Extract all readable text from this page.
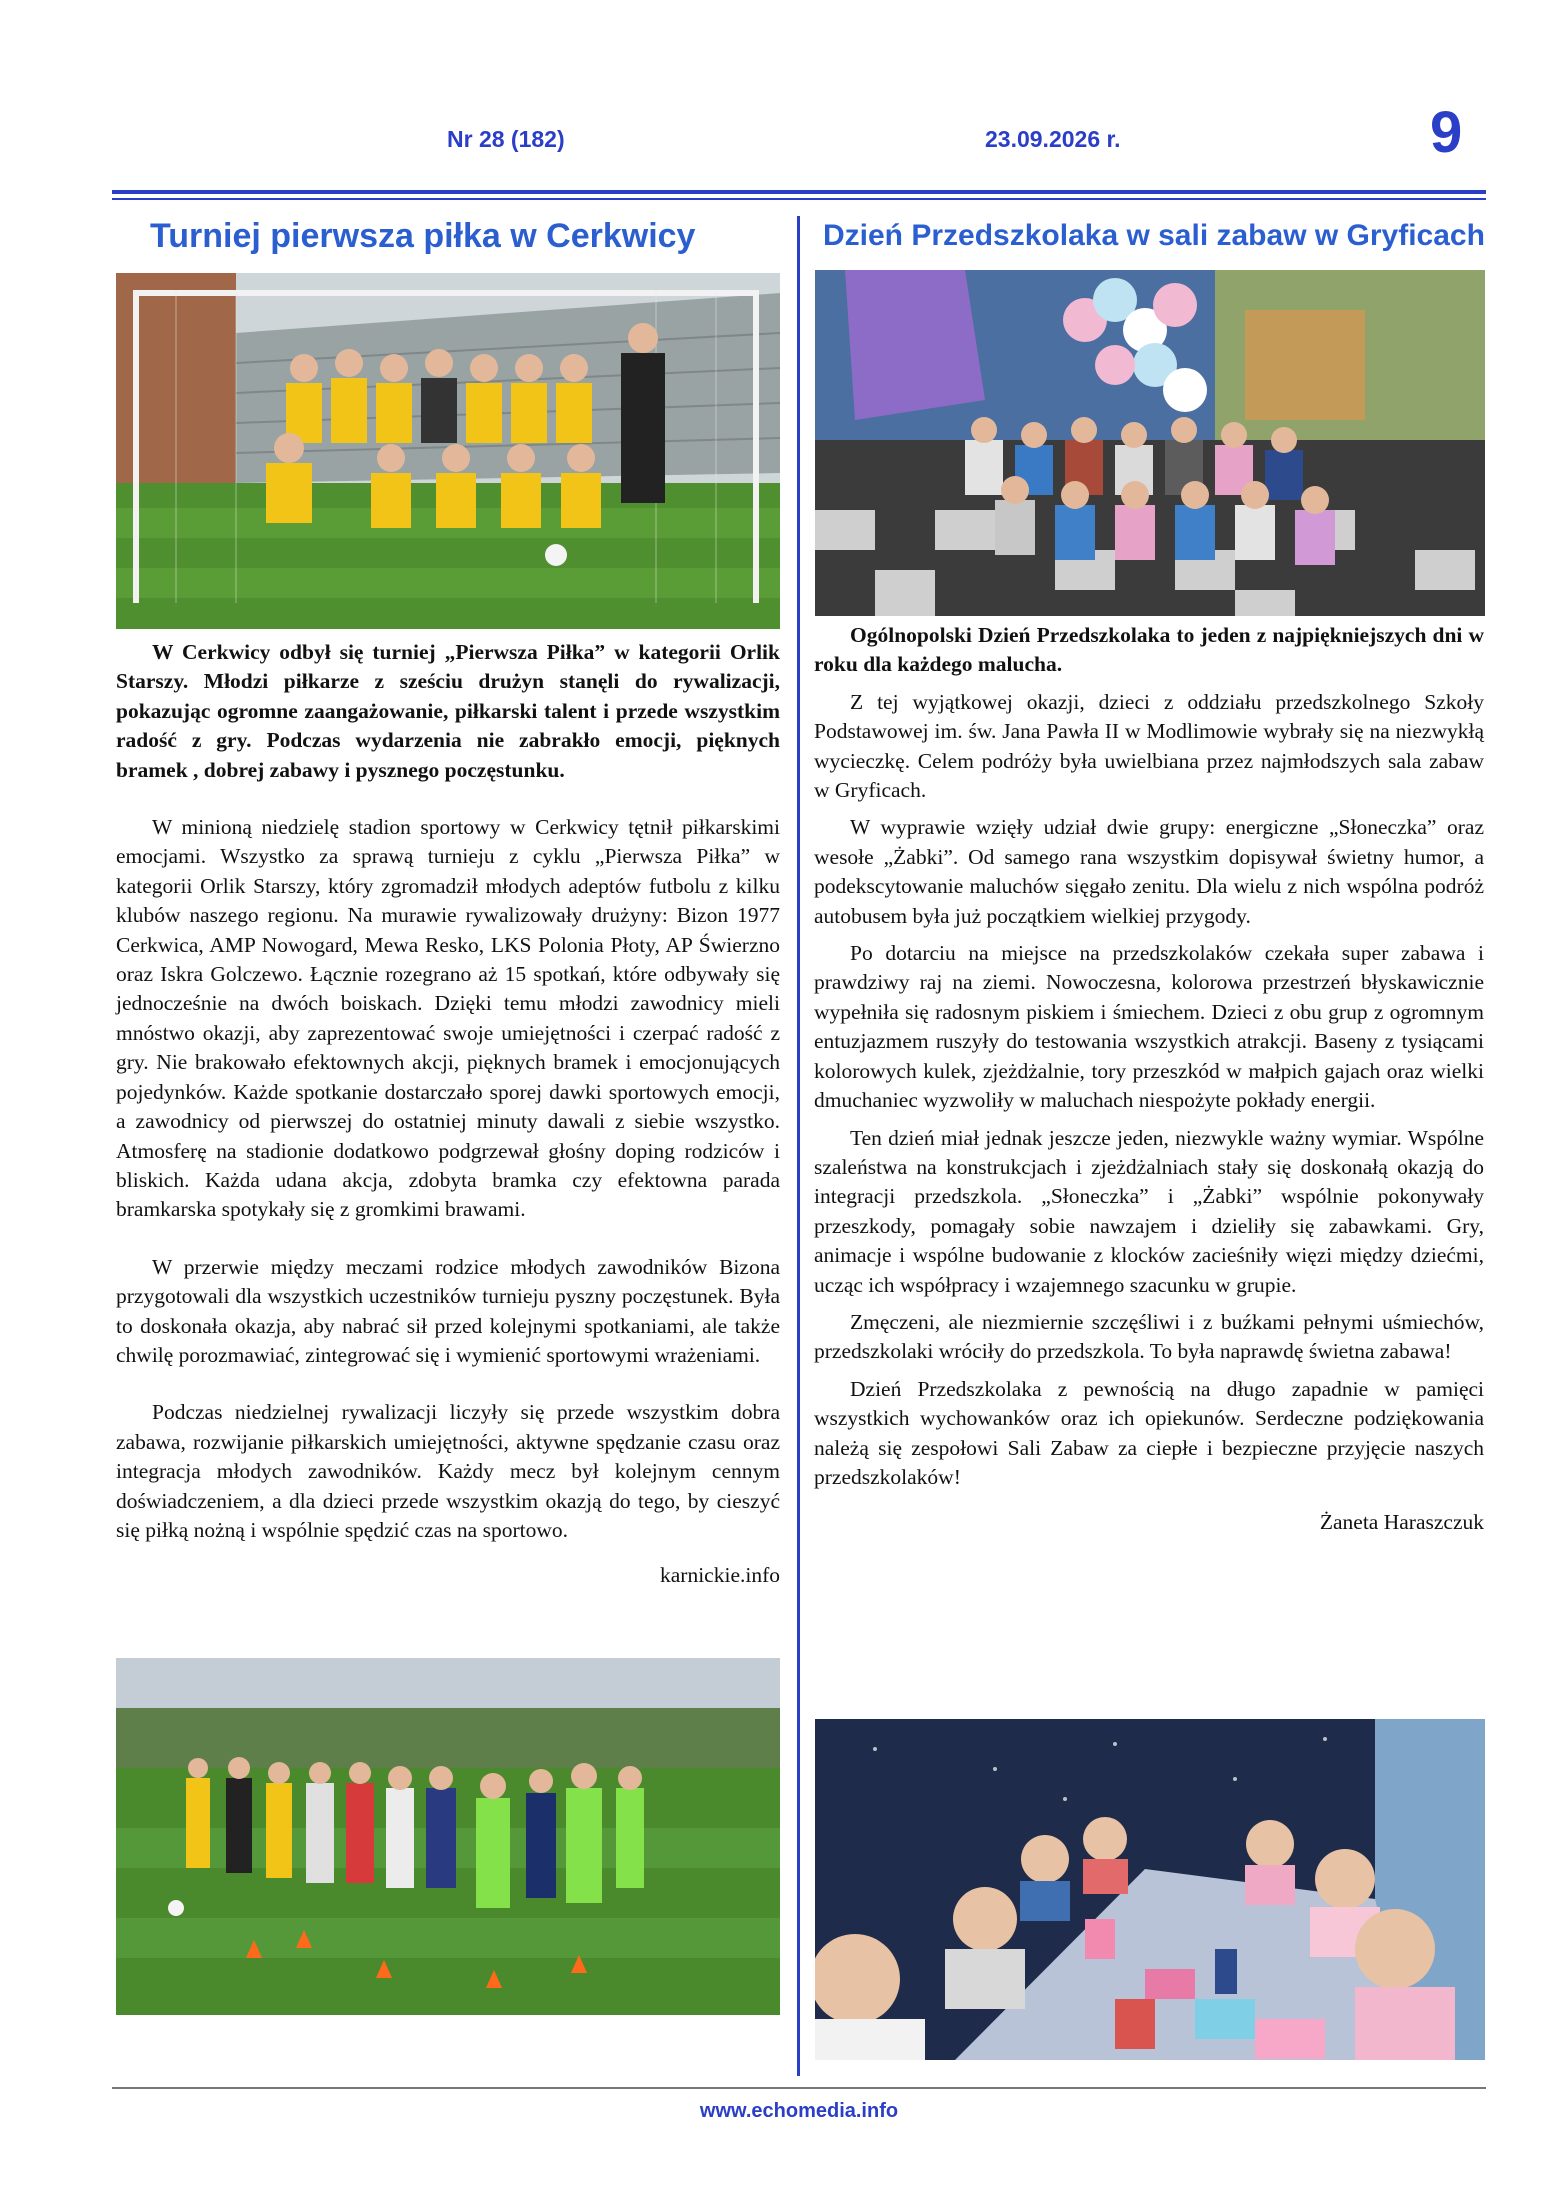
Nr 28 (182)	23.09.2026 r.	9
Turniej pierwsza piłka w Cerkwicy	Dzień Przedszkolaka w sali zabaw w Gryficach

W Cerkwicy odbył się turniej „Pierwsza Piłka” w kategorii Orlik Starszy. Młodzi piłkarze z sześciu drużyn stanęli do rywalizacji, pokazując ogromne zaangażowanie, piłkarski talent i przede wszystkim radość z gry. Podczas wydarzenia nie zabrakło emocji, pięknych bramek , dobrej zabawy i pysznego poczęstunku.

W minioną niedzielę stadion sportowy w Cerkwicy tętnił piłkarskimi emocjami. Wszystko za sprawą turnieju z cyklu „Pierwsza Piłka” w kategorii Orlik Starszy, który zgromadził młodych adeptów futbolu z kilku klubów naszego regionu. Na murawie rywalizowały drużyny: Bizon 1977 Cerkwica, AMP Nowogard, Mewa Resko, LKS Polonia Płoty, AP Świerzno oraz Iskra Golczewo. Łącznie rozegrano aż 15 spotkań, które odbywały się jednocześnie na dwóch boiskach. Dzięki temu młodzi zawodnicy mieli mnóstwo okazji, aby zaprezentować swoje umiejętności i czerpać radość z gry. Nie brakowało efektownych akcji, pięknych bramek i emocjonujących pojedynków. Każde spotkanie dostarczało sporej dawki sportowych emocji, a zawodnicy od pierwszej do ostatniej minuty dawali z siebie wszystko. Atmosferę na stadionie dodatkowo podgrzewał głośny doping rodziców i bliskich. Każda udana akcja, zdobyta bramka czy efektowna parada bramkarska spotykały się z gromkimi brawami.

W przerwie między meczami rodzice młodych zawodników Bizona przygotowali dla wszystkich uczestników turnieju pyszny poczęstunek. Była to doskonała okazja, aby nabrać sił przed kolejnymi spotkaniami, ale także chwilę porozmawiać, zintegrować się i wymienić sportowymi wrażeniami.

Podczas niedzielnej rywalizacji liczyły się przede wszystkim dobra zabawa, rozwijanie piłkarskich umiejętności, aktywne spędzanie czasu oraz integracja młodych zawodników. Każdy mecz był kolejnym cennym doświadczeniem, a dla dzieci przede wszystkim okazją do tego, by cieszyć się piłką nożną i wspólnie spędzić czas na sportowo.

karnickie.info

Ogólnopolski Dzień Przedszkolaka to jeden z najpiękniejszych dni w roku dla każdego malucha.

Z tej wyjątkowej okazji, dzieci z oddziału przedszkolnego Szkoły Podstawowej im. św. Jana Pawła II w Modlimowie wybrały się na niezwykłą wycieczkę. Celem podróży była uwielbiana przez najmłodszych sala zabaw w Gryficach.

W wyprawie wzięły udział dwie grupy: energiczne „Słoneczka” oraz wesołe „Żabki”. Od samego rana wszystkim dopisywał świetny humor, a podekscytowanie maluchów sięgało zenitu. Dla wielu z nich wspólna podróż autobusem była już początkiem wielkiej przygody.

Po dotarciu na miejsce na przedszkolaków czekała super zabawa i prawdziwy raj na ziemi. Nowoczesna, kolorowa przestrzeń błyskawicznie wypełniła się radosnym piskiem i śmiechem. Dzieci z obu grup z ogromnym entuzjazmem ruszyły do testowania wszystkich atrakcji. Baseny z tysiącami kolorowych kulek, zjeżdżalnie, tory przeszkód w małpich gajach oraz wielki dmuchaniec wyzwoliły w maluchach niespożyte pokłady energii.

Ten dzień miał jednak jeszcze jeden, niezwykle ważny wymiar. Wspólne szaleństwa na konstrukcjach i zjeżdżalniach stały się doskonałą okazją do integracji przedszkola. „Słoneczka” i „Żabki” wspólnie pokonywały przeszkody, pomagały sobie nawzajem i dzieliły się zabawkami. Gry, animacje i wspólne budowanie z klocków zacieśniły więzi między dziećmi, ucząc ich współpracy i wzajemnego szacunku w grupie.

Zmęczeni, ale niezmiernie szczęśliwi i z buźkami pełnymi uśmiechów, przedszkolaki wróciły do przedszkola. To była naprawdę świetna zabawa!

Dzień Przedszkolaka z pewnością na długo zapadnie w pamięci wszystkich wychowanków oraz ich opiekunów. Serdeczne podziękowania należą się zespołowi Sali Zabaw za ciepłe i bezpieczne przyjęcie naszych przedszkolaków!

Żaneta Haraszczuk

www.echomedia.info
